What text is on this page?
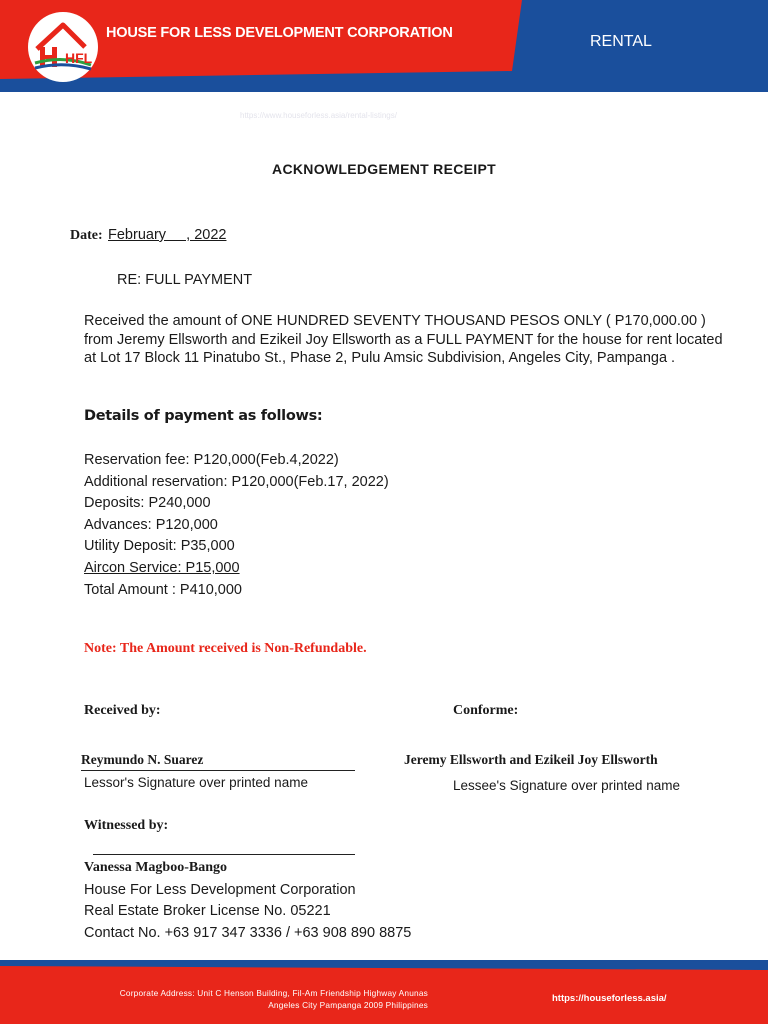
HFL
HOUSE FOR LESS DEVELOPMENT CORPORATION	RENTAL
https://www.houseforless.asia/rental-listings/
ACKNOWLEDGEMENT RECEIPT
Date: February     , 2022
RE: FULL PAYMENT
Received the amount of ONE HUNDRED SEVENTY THOUSAND PESOS ONLY ( P170,000.00 ) from Jeremy Ellsworth and Ezikeil Joy Ellsworth as a FULL PAYMENT for the house for rent located at Lot 17 Block 11 Pinatubo St., Phase 2, Pulu Amsic Subdivision, Angeles City, Pampanga .
Details of payment as follows:
Reservation fee: P120,000(Feb.4,2022)
Additional reservation: P120,000(Feb.17, 2022)
Deposits: P240,000
Advances: P120,000
Utility Deposit: P35,000
Aircon Service: P15,000
Total Amount : P410,000
Note: The Amount received is Non-Refundable.
Received by:	Conforme:
Reymundo N. Suarez
Lessor's Signature over printed name
Jeremy Ellsworth and Ezikeil Joy Ellsworth
Lessee's Signature over printed name
Witnessed by:
Vanessa Magboo-Bango
House For Less Development Corporation
Real Estate Broker License No. 05221
Contact No. +63 917 347 3336 / +63 908 890 8875
Corporate Address: Unit C Henson Building, Fil-Am Friendship Highway Anunas
Angeles City Pampanga 2009 Philippines
https://houseforless.asia/
